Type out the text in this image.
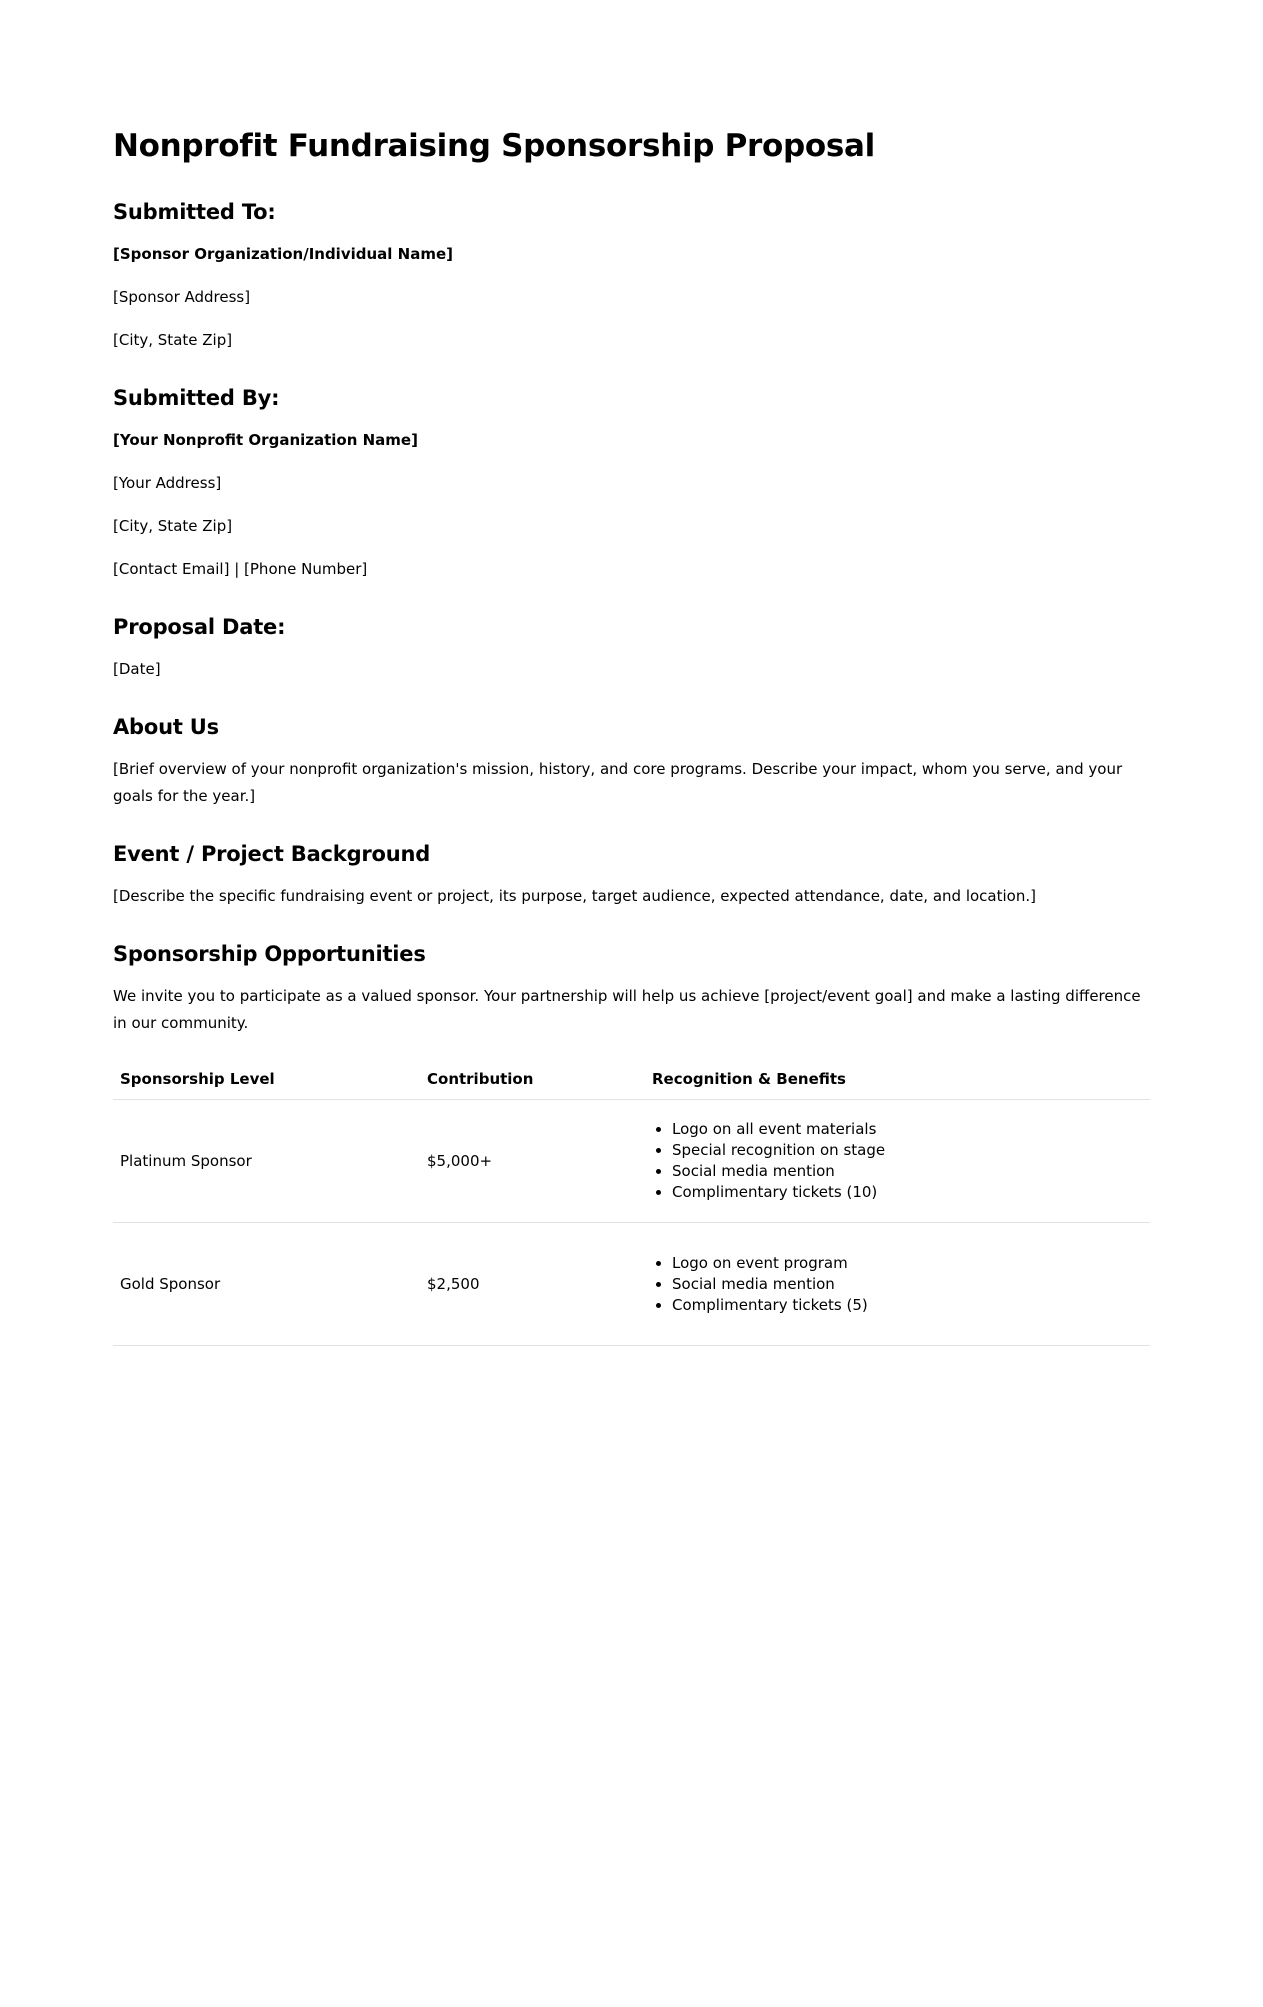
Nonprofit Fundraising Sponsorship Proposal
Submitted To:

[Sponsor Organization/Individual Name]

[Sponsor Address]

[City, State Zip]

Submitted By:

[Your Nonprofit Organization Name]

[Your Address]

[City, State Zip]

[Contact Email] | [Phone Number]

Proposal Date:

[Date]

About Us

[Brief overview of your nonprofit organization's mission, history, and core programs. Describe your impact, whom you serve, and your goals for the year.]

Event / Project Background

[Describe the specific fundraising event or project, its purpose, target audience, expected attendance, date, and location.]

Sponsorship Opportunities

We invite you to participate as a valued sponsor. Your partnership will help us achieve [project/event goal] and make a lasting difference in our community.

Sponsorship Level	Contribution	Recognition & Benefits
Platinum Sponsor	$5,000+	
• Logo on all event materials
• Special recognition on stage
• Social media mention
• Complimentary tickets (10)

Gold Sponsor	$2,500	
• Logo on event program
• Social media mention
• Complimentary tickets (5)
